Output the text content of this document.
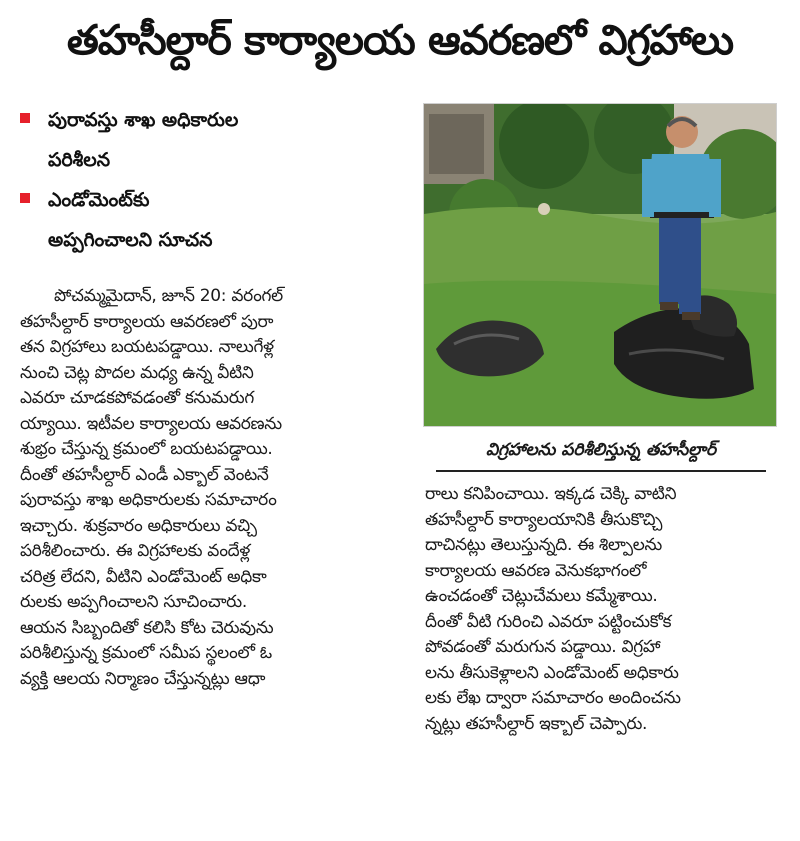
తహసీల్దార్ కార్యాలయ ఆవరణలో విగ్రహాలు
పురావస్తు శాఖ అధికారుల
పరిశీలన
ఎండోమెంట్‌కు
అప్పగించాలని సూచన
పోచమ్మమైదాన్, జూన్ 20: వరంగల్
తహసీల్దార్ కార్యాలయ ఆవరణలో పురా
తన విగ్రహాలు బయటపడ్డాయి. నాలుగేళ్ల
నుంచి చెట్ల పొదల మధ్య ఉన్న వీటిని
ఎవరూ చూడకపోవడంతో కనుమరుగ
య్యాయి. ఇటీవల కార్యాలయ ఆవరణను
శుభ్రం చేస్తున్న క్రమంలో బయటపడ్డాయి.
దీంతో తహసీల్దార్ ఎండీ ఎక్బాల్ వెంటనే
పురావస్తు శాఖ అధికారులకు సమాచారం
ఇచ్చారు. శుక్రవారం అధికారులు వచ్చి
పరిశీలించారు. ఈ విగ్రహాలకు వందేళ్ల
చరిత్ర లేదని, వీటిని ఎండోమెంట్ అధికా
రులకు అప్పగించాలని సూచించారు.
ఆయన సిబ్బందితో కలిసి కోట చెరువును
పరిశీలిస్తున్న క్రమంలో సమీప స్థలంలో ఓ
వ్యక్తి ఆలయ నిర్మాణం చేస్తున్నట్లు ఆధా
విగ్రహాలను పరిశీలిస్తున్న తహసీల్దార్
రాలు కనిపించాయి. ఇక్కడ చెక్కి వాటిని
తహసీల్దార్ కార్యాలయానికి తీసుకొచ్చి
దాచినట్లు తెలుస్తున్నది. ఈ శిల్పాలను
కార్యాలయ ఆవరణ వెనుకభాగంలో
ఉంచడంతో చెట్లుచేమలు కమ్మేశాయి.
దీంతో వీటి గురించి ఎవరూ పట్టించుకోక
పోవడంతో మరుగున పడ్డాయి. విగ్రహా
లను తీసుకెళ్లాలని ఎండోమెంట్ అధికారు
లకు లేఖ ద్వారా సమాచారం అందించను
న్నట్లు తహసీల్దార్ ఇక్బాల్ చెప్పారు.
